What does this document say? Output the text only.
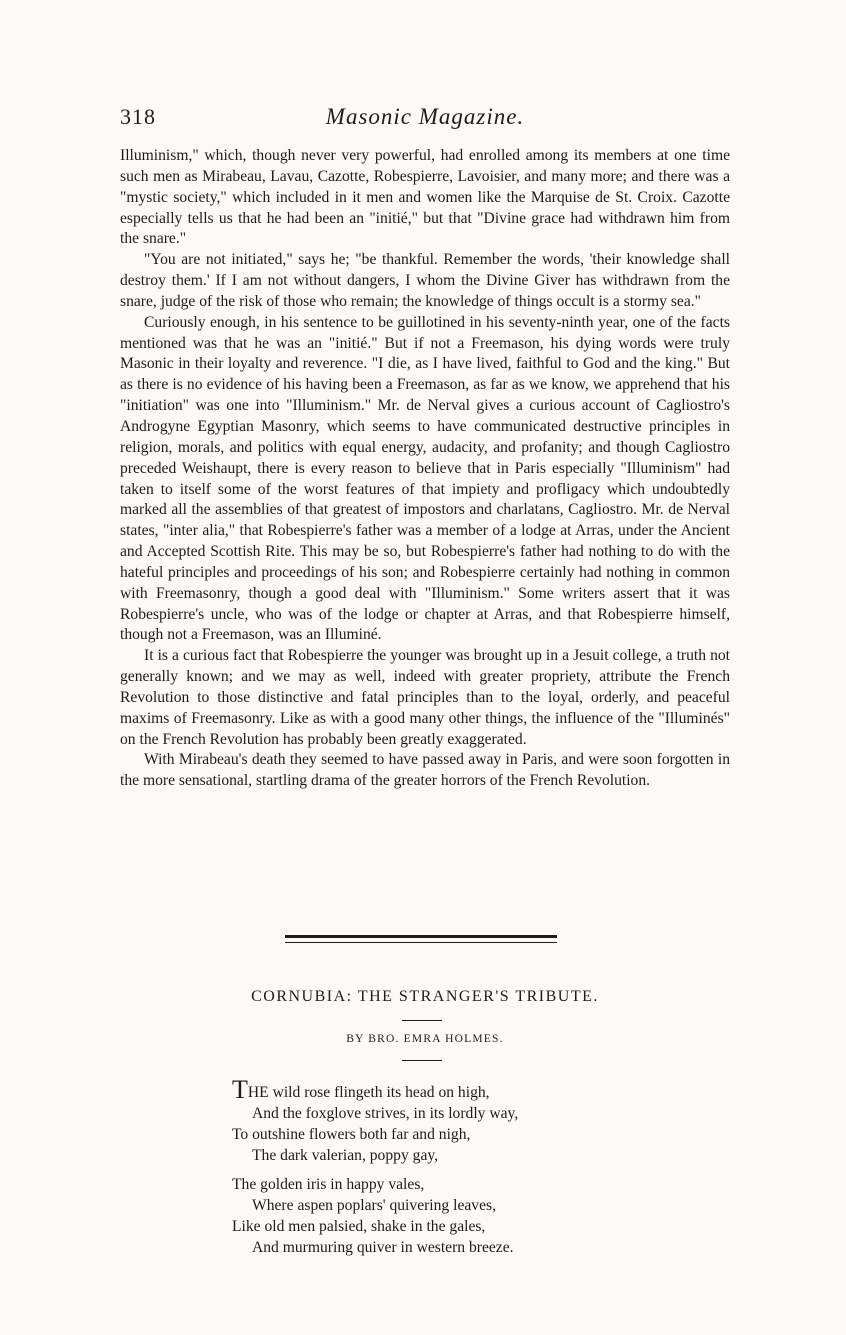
318	Masonic Magazine.

Illuminism," which, though never very powerful, had enrolled among its members at one time such men as Mirabeau, Lavau, Cazotte, Robespierre, Lavoisier, and many more; and there was a "mystic society," which included in it men and women like the Marquise de St. Croix. Cazotte especially tells us that he had been an "initié," but that "Divine grace had withdrawn him from the snare."

"You are not initiated," says he; "be thankful. Remember the words, 'their knowledge shall destroy them.' If I am not without dangers, I whom the Divine Giver has withdrawn from the snare, judge of the risk of those who remain; the knowledge of things occult is a stormy sea."

Curiously enough, in his sentence to be guillotined in his seventy-ninth year, one of the facts mentioned was that he was an "initié." But if not a Freemason, his dying words were truly Masonic in their loyalty and reverence. "I die, as I have lived, faithful to God and the king." But as there is no evidence of his having been a Freemason, as far as we know, we apprehend that his "initiation" was one into "Illuminism." Mr. de Nerval gives a curious account of Cagliostro's Androgyne Egyptian Masonry, which seems to have communicated destructive principles in religion, morals, and politics with equal energy, audacity, and profanity; and though Cagliostro preceded Weishaupt, there is every reason to believe that in Paris especially "Illuminism" had taken to itself some of the worst features of that impiety and profligacy which undoubtedly marked all the assemblies of that greatest of impostors and charlatans, Cagliostro. Mr. de Nerval states, "inter alia," that Robespierre's father was a member of a lodge at Arras, under the Ancient and Accepted Scottish Rite. This may be so, but Robespierre's father had nothing to do with the hateful principles and proceedings of his son; and Robespierre certainly had nothing in common with Freemasonry, though a good deal with "Illuminism." Some writers assert that it was Robespierre's uncle, who was of the lodge or chapter at Arras, and that Robespierre himself, though not a Freemason, was an Illuminé.

It is a curious fact that Robespierre the younger was brought up in a Jesuit college, a truth not generally known; and we may as well, indeed with greater propriety, attribute the French Revolution to those distinctive and fatal principles than to the loyal, orderly, and peaceful maxims of Freemasonry. Like as with a good many other things, the influence of the "Illuminés" on the French Revolution has probably been greatly exaggerated.

With Mirabeau's death they seemed to have passed away in Paris, and were soon forgotten in the more sensational, startling drama of the greater horrors of the French Revolution.

CORNUBIA: THE STRANGER'S TRIBUTE.
BY BRO. EMRA HOLMES.
THE wild rose flingeth its head on high,
And the foxglove strives, in its lordly way,
To outshine flowers both far and nigh,
The dark valerian, poppy gay,
The golden iris in happy vales,
Where aspen poplars' quivering leaves,
Like old men palsied, shake in the gales,
And murmuring quiver in western breeze.
